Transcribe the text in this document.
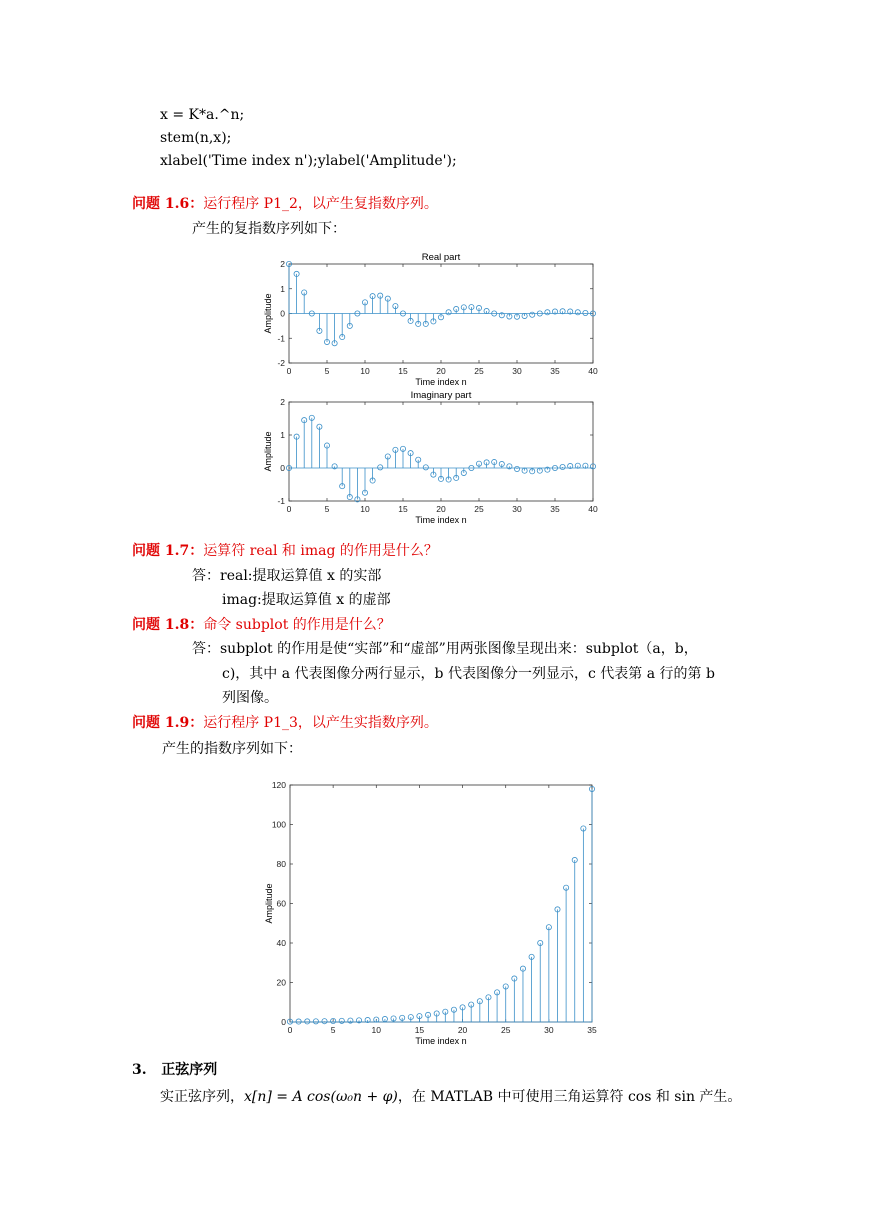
x = K*a.^n;
stem(n,x);
xlabel('Time index n');ylabel('Amplitude');
问题 1.6：运行程序 P1_2，以产生复指数序列。
产生的复指数序列如下：
0	5	10	15	20	25	30	35	40
-2
-1
0
1
2
Real part
Time index n
Amplitude
0	5	10	15	20	25	30	35	40
-1
0
1
2
Imaginary part
Time index n
Amplitude
问题 1.7：运算符 real 和 imag 的作用是什么？
答：real:提取运算值 x 的实部
imag:提取运算值 x 的虚部
问题 1.8：命令 subplot 的作用是什么？
答：subplot 的作用是使“实部”和“虚部”用两张图像呈现出来：subplot（a，b，
c)，其中 a 代表图像分两行显示，b 代表图像分一列显示，c 代表第 a 行的第 b
列图像。
问题 1.9：运行程序 P1_3，以产生实指数序列。
产生的指数序列如下：
0	5	10	15	20	25	30	35
0
20
40
60
80
100
120
Time index n
Amplitude
3. 正弦序列
实正弦序列，x[n] = A cos(ω₀n + φ)，在 MATLAB 中可使用三角运算符 cos 和 sin 产生。
